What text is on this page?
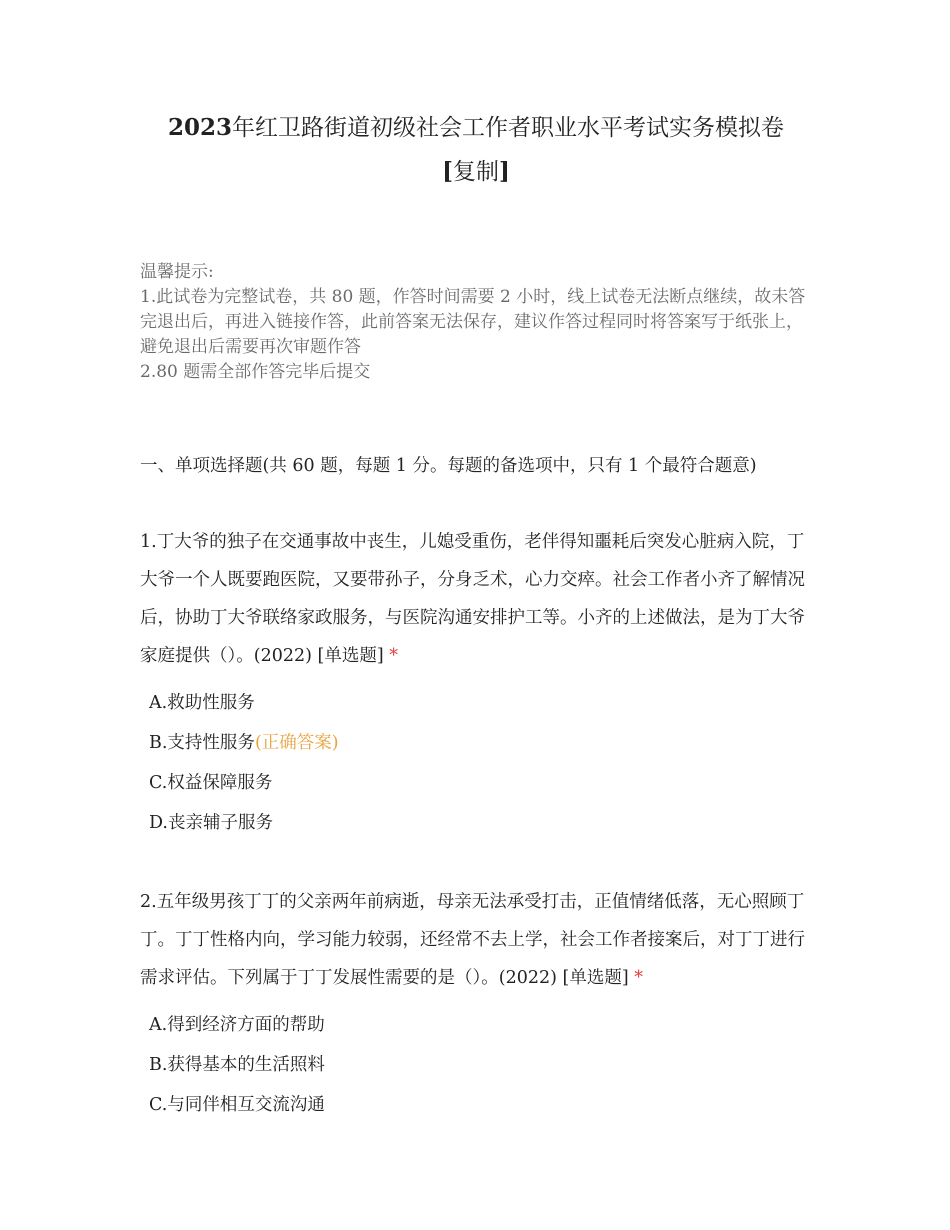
2023年红卫路街道初级社会工作者职业水平考试实务模拟卷
[复制]
温馨提示:
1.此试卷为完整试卷，共 80 题，作答时间需要 2 小时，线上试卷无法断点继续，故未答完退出后，再进入链接作答，此前答案无法保存，建议作答过程同时将答案写于纸张上，避免退出后需要再次审题作答
2.80 题需全部作答完毕后提交
一、单项选择题(共 60 题，每题 1 分。每题的备选项中，只有 1 个最符合题意)
1.丁大爷的独子在交通事故中丧生，儿媳受重伤，老伴得知噩耗后突发心脏病入院，丁大爷一个人既要跑医院，又要带孙子，分身乏术，心力交瘁。社会工作者小齐了解情况后，协助丁大爷联络家政服务，与医院沟通安排护工等。小齐的上述做法，是为丁大爷家庭提供（）。(2022) [单选题] *
A.救助性服务
B.支持性服务(正确答案)
C.权益保障服务
D.丧亲辅子服务
2.五年级男孩丁丁的父亲两年前病逝，母亲无法承受打击，正值情绪低落，无心照顾丁丁。丁丁性格内向，学习能力较弱，还经常不去上学，社会工作者接案后，对丁丁进行需求评估。下列属于丁丁发展性需要的是（）。(2022) [单选题] *
A.得到经济方面的帮助
B.获得基本的生活照料
C.与同伴相互交流沟通
